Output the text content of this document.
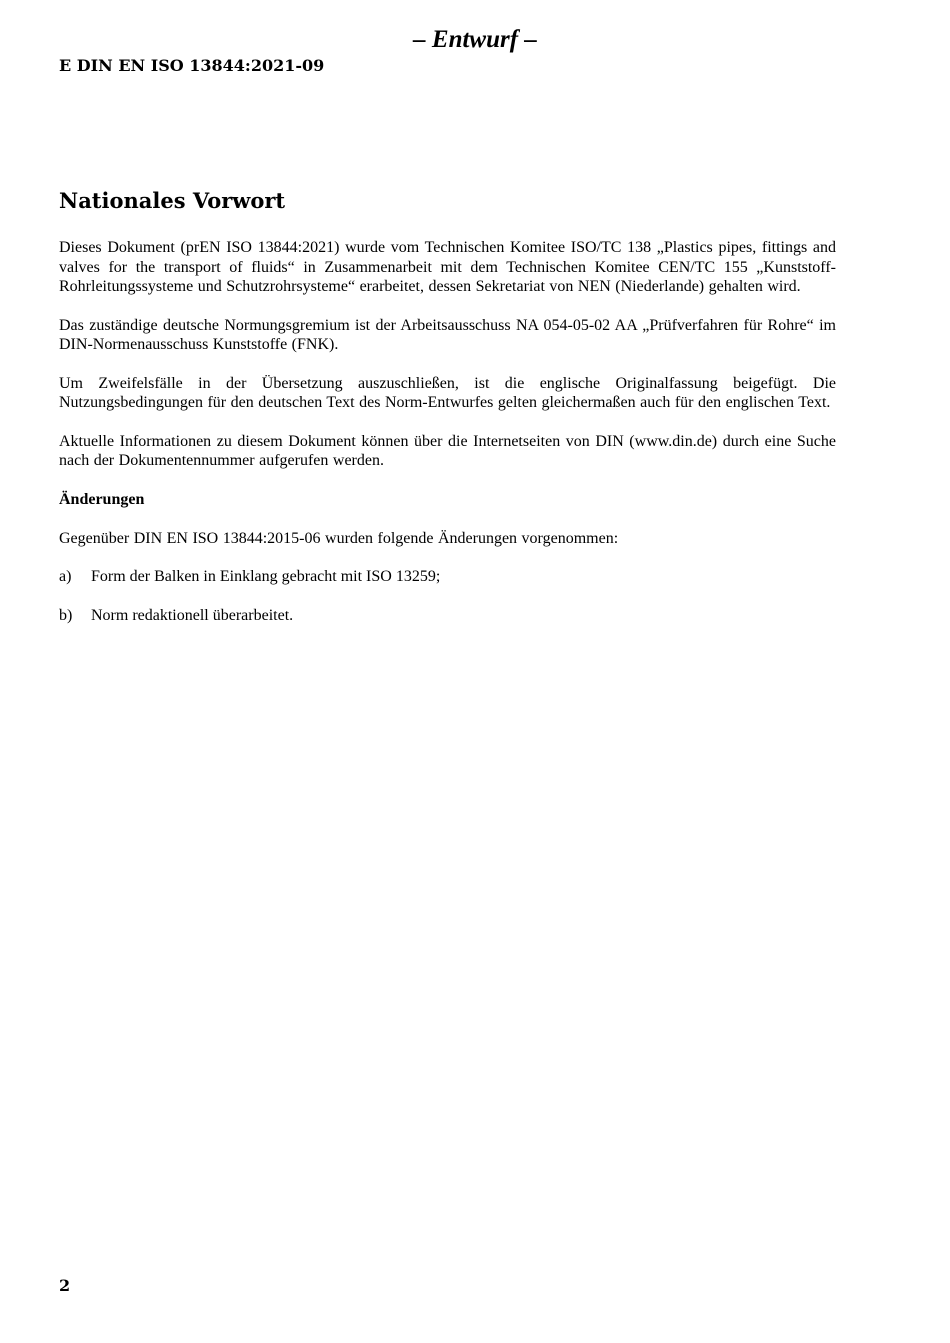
– Entwurf –

E DIN EN ISO 13844:2021-09

Nationales Vorwort

Dieses Dokument (prEN ISO 13844:2021) wurde vom Technischen Komitee ISO/TC 138 „Plastics pipes, fittings and valves for the transport of fluids“ in Zusammenarbeit mit dem Technischen Komitee CEN/TC 155 „Kunststoff-Rohrleitungssysteme und Schutzrohrsysteme“ erarbeitet, dessen Sekretariat von NEN (Niederlande) gehalten wird.

Das zuständige deutsche Normungsgremium ist der Arbeitsausschuss NA 054-05-02 AA „Prüfverfahren für Rohre“ im DIN-Normenausschuss Kunststoffe (FNK).

Um Zweifelsfälle in der Übersetzung auszuschließen, ist die englische Originalfassung beigefügt. Die Nutzungsbedingungen für den deutschen Text des Norm-Entwurfes gelten gleichermaßen auch für den englischen Text.

Aktuelle Informationen zu diesem Dokument können über die Internetseiten von DIN (www.din.de) durch eine Suche nach der Dokumentennummer aufgerufen werden.

Änderungen

Gegenüber DIN EN ISO 13844:2015-06 wurden folgende Änderungen vorgenommen:

a)	Form der Balken in Einklang gebracht mit ISO 13259;
b)	Norm redaktionell überarbeitet.

2
